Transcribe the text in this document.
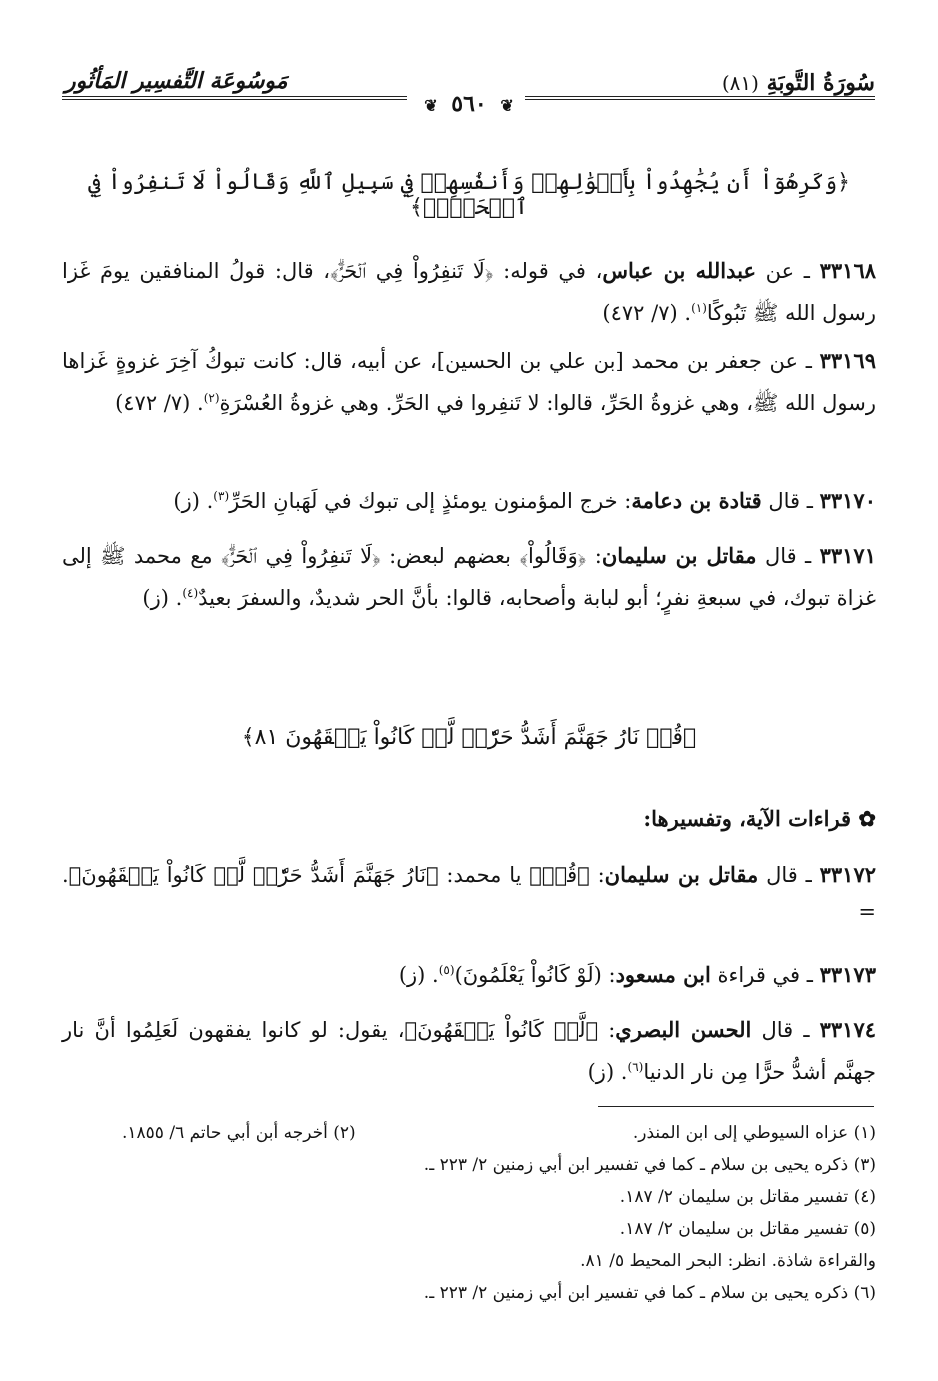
مَوسُوعَة التَّفسِير المَأثُور	سُورَةُ التَّوبَةِ (٨١)
❦ ٥٦٠ ❦
﴿وَكَرِهُوٓاْ أَن يُجَٰهِدُواْ بِأَمۡوَٰلِهِمۡ وَأَنفُسِهِمۡ فِي سَبِيلِ ٱللَّهِ وَقَالُواْ لَا تَنفِرُواْ فِي ٱلۡحَرِّۗ﴾
٣٣١٦٨ ـ عن عبدالله بن عباس، في قوله: ﴿لَا تَنفِرُواْ فِي ٱلۡحَرِّۗ﴾، قال: قولُ المنافقين يومَ غَزا رسول الله ﷺ تَبُوكًا$^{(١)}$. (٧/ ٤٧٢)
٣٣١٦٩ ـ عن جعفر بن محمد [بن علي بن الحسين]، عن أبيه، قال: كانت تبوكُ آخِرَ غزوةٍ غَزاها رسول الله ﷺ، وهي غزوةُ الحَرِّ، قالوا: لا تَنفِروا في الحَرِّ. وهي غزوةُ العُسْرَةِ$^{(٢)}$. (٧/ ٤٧٢)
٣٣١٧٠ ـ قال قتادة بن دعامة: خرج المؤمنون يومئذٍ إلى تبوك في لَهَبانِ الحَرِّ$^{(٣)}$. (ز)
٣٣١٧١ ـ قال مقاتل بن سليمان: ﴿وَقَالُواْ﴾ بعضهم لبعض: ﴿لَا تَنفِرُواْ فِي ٱلۡحَرِّۗ﴾ مع محمد ﷺ إلى غزاة تبوك، في سبعةِ نفرٍ؛ أبو لبابة وأصحابه، قالوا: بأنَّ الحر شديدٌ، والسفرَ بعيدٌ$^{(٤)}$. (ز)
﴿قُلۡ نَارُ جَهَنَّمَ أَشَدُّ حَرّٗاۚ لَّوۡ كَانُواْ يَفۡقَهُونَ ٨١﴾
✿ قراءات الآية، وتفسيرها:
٣٣١٧٢ ـ قال مقاتل بن سليمان: ﴿قُلۡ﴾ يا محمد: ﴿نَارُ جَهَنَّمَ أَشَدُّ حَرّٗاۚ لَّوۡ كَانُواْ يَفۡقَهُونَ﴾. =
٣٣١٧٣ ـ في قراءة ابن مسعود: (لَوْ كَانُواْ يَعْلَمُونَ)$^{(٥)}$. (ز)
٣٣١٧٤ ـ قال الحسن البصري: ﴿لَّوۡ كَانُواْ يَفۡقَهُونَ﴾، يقول: لو كانوا يفقهون لَعَلِمُوا أنَّ نار جهنَّم أشدُّ حرًّا مِن نار الدنيا$^{(٦)}$. (ز)
(١) عزاه السيوطي إلى ابن المنذر.
(٢) أخرجه أبن أبي حاتم ٦/ ١٨٥٥.
(٣) ذكره يحيى بن سلام ـ كما في تفسير ابن أبي زمنين ٢/ ٢٢٣ ـ.
(٤) تفسير مقاتل بن سليمان ٢/ ١٨٧.
(٥) تفسير مقاتل بن سليمان ٢/ ١٨٧.
والقراءة شاذة. انظر: البحر المحيط ٥/ ٨١.
(٦) ذكره يحيى بن سلام ـ كما في تفسير ابن أبي زمنين ٢/ ٢٢٣ ـ.
